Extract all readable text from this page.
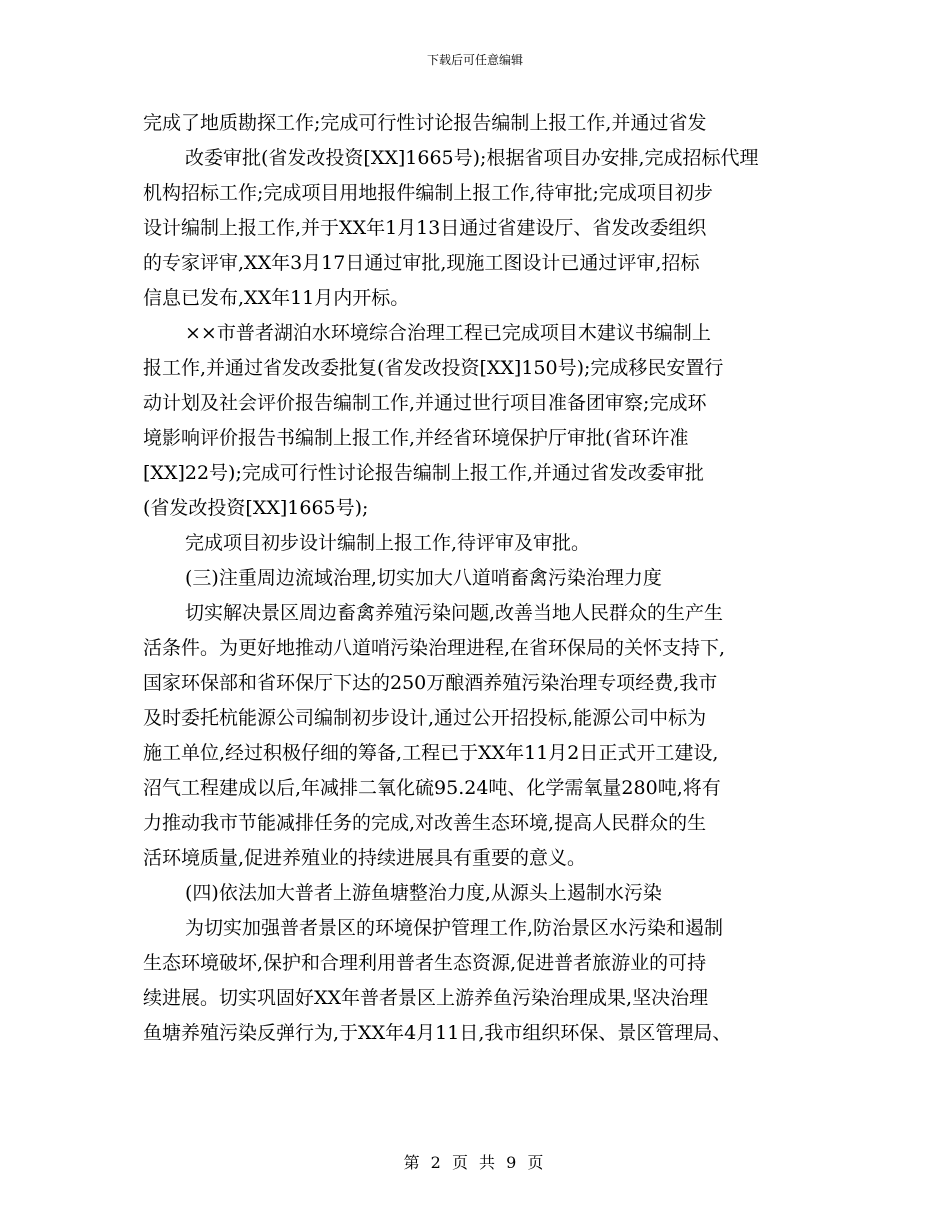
下载后可任意编辑

完成了地质勘探工作;完成可行性讨论报告编制上报工作,并通过省发

改委审批(省发改投资[XX]1665号);根据省项目办安排,完成招标代理

机构招标工作;完成项目用地报件编制上报工作,待审批;完成项目初步

设计编制上报工作,并于XX年1月13日通过省建设厅、省发改委组织

的专家评审,XX年3月17日通过审批,现施工图设计已通过评审,招标

信息已发布,XX年11月内开标。

××市普者湖泊水环境综合治理工程已完成项目木建议书编制上

报工作,并通过省发改委批复(省发改投资[XX]150号);完成移民安置行

动计划及社会评价报告编制工作,并通过世行项目准备团审察;完成环

境影响评价报告书编制上报工作,并经省环境保护厅审批(省环许准

[XX]22号);完成可行性讨论报告编制上报工作,并通过省发改委审批

(省发改投资[XX]1665号);

完成项目初步设计编制上报工作,待评审及审批。

(三)注重周边流域治理,切实加大八道哨畜禽污染治理力度

切实解决景区周边畜禽养殖污染问题,改善当地人民群众的生产生

活条件。为更好地推动八道哨污染治理进程,在省环保局的关怀支持下,

国家环保部和省环保厅下达的250万酿酒养殖污染治理专项经费,我市

及时委托杭能源公司编制初步设计,通过公开招投标,能源公司中标为

施工单位,经过积极仔细的筹备,工程已于XX年11月2日正式开工建设,

沼气工程建成以后,年减排二氧化硫95.24吨、化学需氧量280吨,将有

力推动我市节能减排任务的完成,对改善生态环境,提高人民群众的生

活环境质量,促进养殖业的持续进展具有重要的意义。

(四)依法加大普者上游鱼塘整治力度,从源头上遏制水污染

为切实加强普者景区的环境保护管理工作,防治景区水污染和遏制

生态环境破坏,保护和合理利用普者生态资源,促进普者旅游业的可持

续进展。切实巩固好XX年普者景区上游养鱼污染治理成果,坚决治理

鱼塘养殖污染反弹行为,于XX年4月11日,我市组织环保、景区管理局、

第 2 页 共 9 页
